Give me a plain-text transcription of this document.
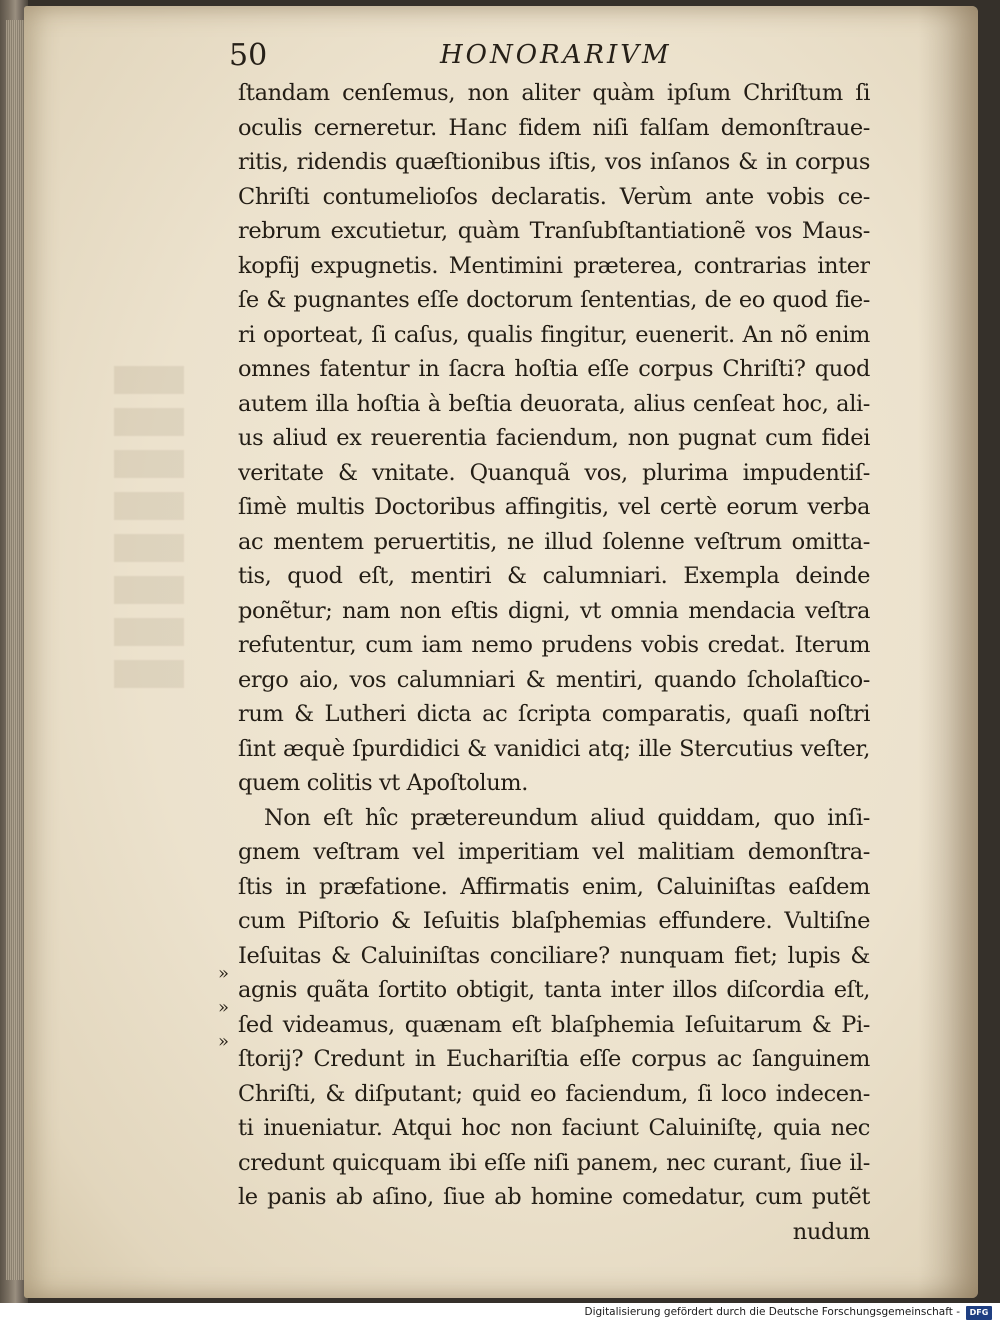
50	HONORARIVM
ſtandam cenſemus, non aliter quàm ipſum Chriſtum ſi
oculis cerneretur. Hanc fidem niſi falſam demonſtraue-
ritis, ridendis quæſtionibus iſtis, vos inſanos & in corpus
Chriſti contumelioſos declaratis. Verùm ante vobis ce-
rebrum excutietur, quàm Tranſubſtantiationẽ vos Maus-
kopfij expugnetis. Mentimini præterea, contrarias inter
ſe & pugnantes eſſe doctorum ſententias, de eo quod fie-
ri oporteat, ſi caſus, qualis fingitur, euenerit. An nõ enim
omnes fatentur in ſacra hoſtia eſſe corpus Chriſti? quod
autem illa hoſtia à beſtia deuorata, alius cenſeat hoc, ali-
us aliud ex reuerentia faciendum, non pugnat cum fidei
veritate & vnitate. Quanquã vos, plurima impudentiſ-
ſimè multis Doctoribus affingitis, vel certè eorum verba
ac mentem peruertitis, ne illud ſolenne veſtrum omitta-
tis, quod eſt, mentiri & calumniari. Exempla deinde
ponẽtur; nam non eſtis digni, vt omnia mendacia veſtra
refutentur, cum iam nemo prudens vobis credat. Iterum
ergo aio, vos calumniari & mentiri, quando ſcholaſtico-
rum & Lutheri dicta ac ſcripta comparatis, quaſi noſtri
ſint æquè ſpurdidici & vanidici atq; ille Stercutius veſter,
quem colitis vt Apoſtolum.
Non eſt hîc prætereundum aliud quiddam, quo inſi-
gnem veſtram vel imperitiam vel malitiam demonſtra-
ſtis in præfatione. Affirmatis enim, Caluiniſtas eaſdem
cum Piſtorio & Ieſuitis blaſphemias effundere. Vultiſne
Ieſuitas & Caluiniſtas conciliare? nunquam fiet; lupis &
agnis quãta ſortito obtigit, tanta inter illos diſcordia eſt,
ſed videamus, quænam eſt blaſphemia Ieſuitarum & Pi-
ſtorij? Credunt in Euchariſtia eſſe corpus ac ſanguinem
Chriſti, & diſputant; quid eo faciendum, ſi loco indecen-
ti inueniatur. Atqui hoc non faciunt Caluiniſtę, quia nec
credunt quicquam ibi eſſe niſi panem, nec curant, ſiue il-
le panis ab aſino, ſiue ab homine comedatur, cum putẽt
nudum
»
»
»
Digitalisierung gefördert durch die Deutsche Forschungsgemeinschaft -	DFG
